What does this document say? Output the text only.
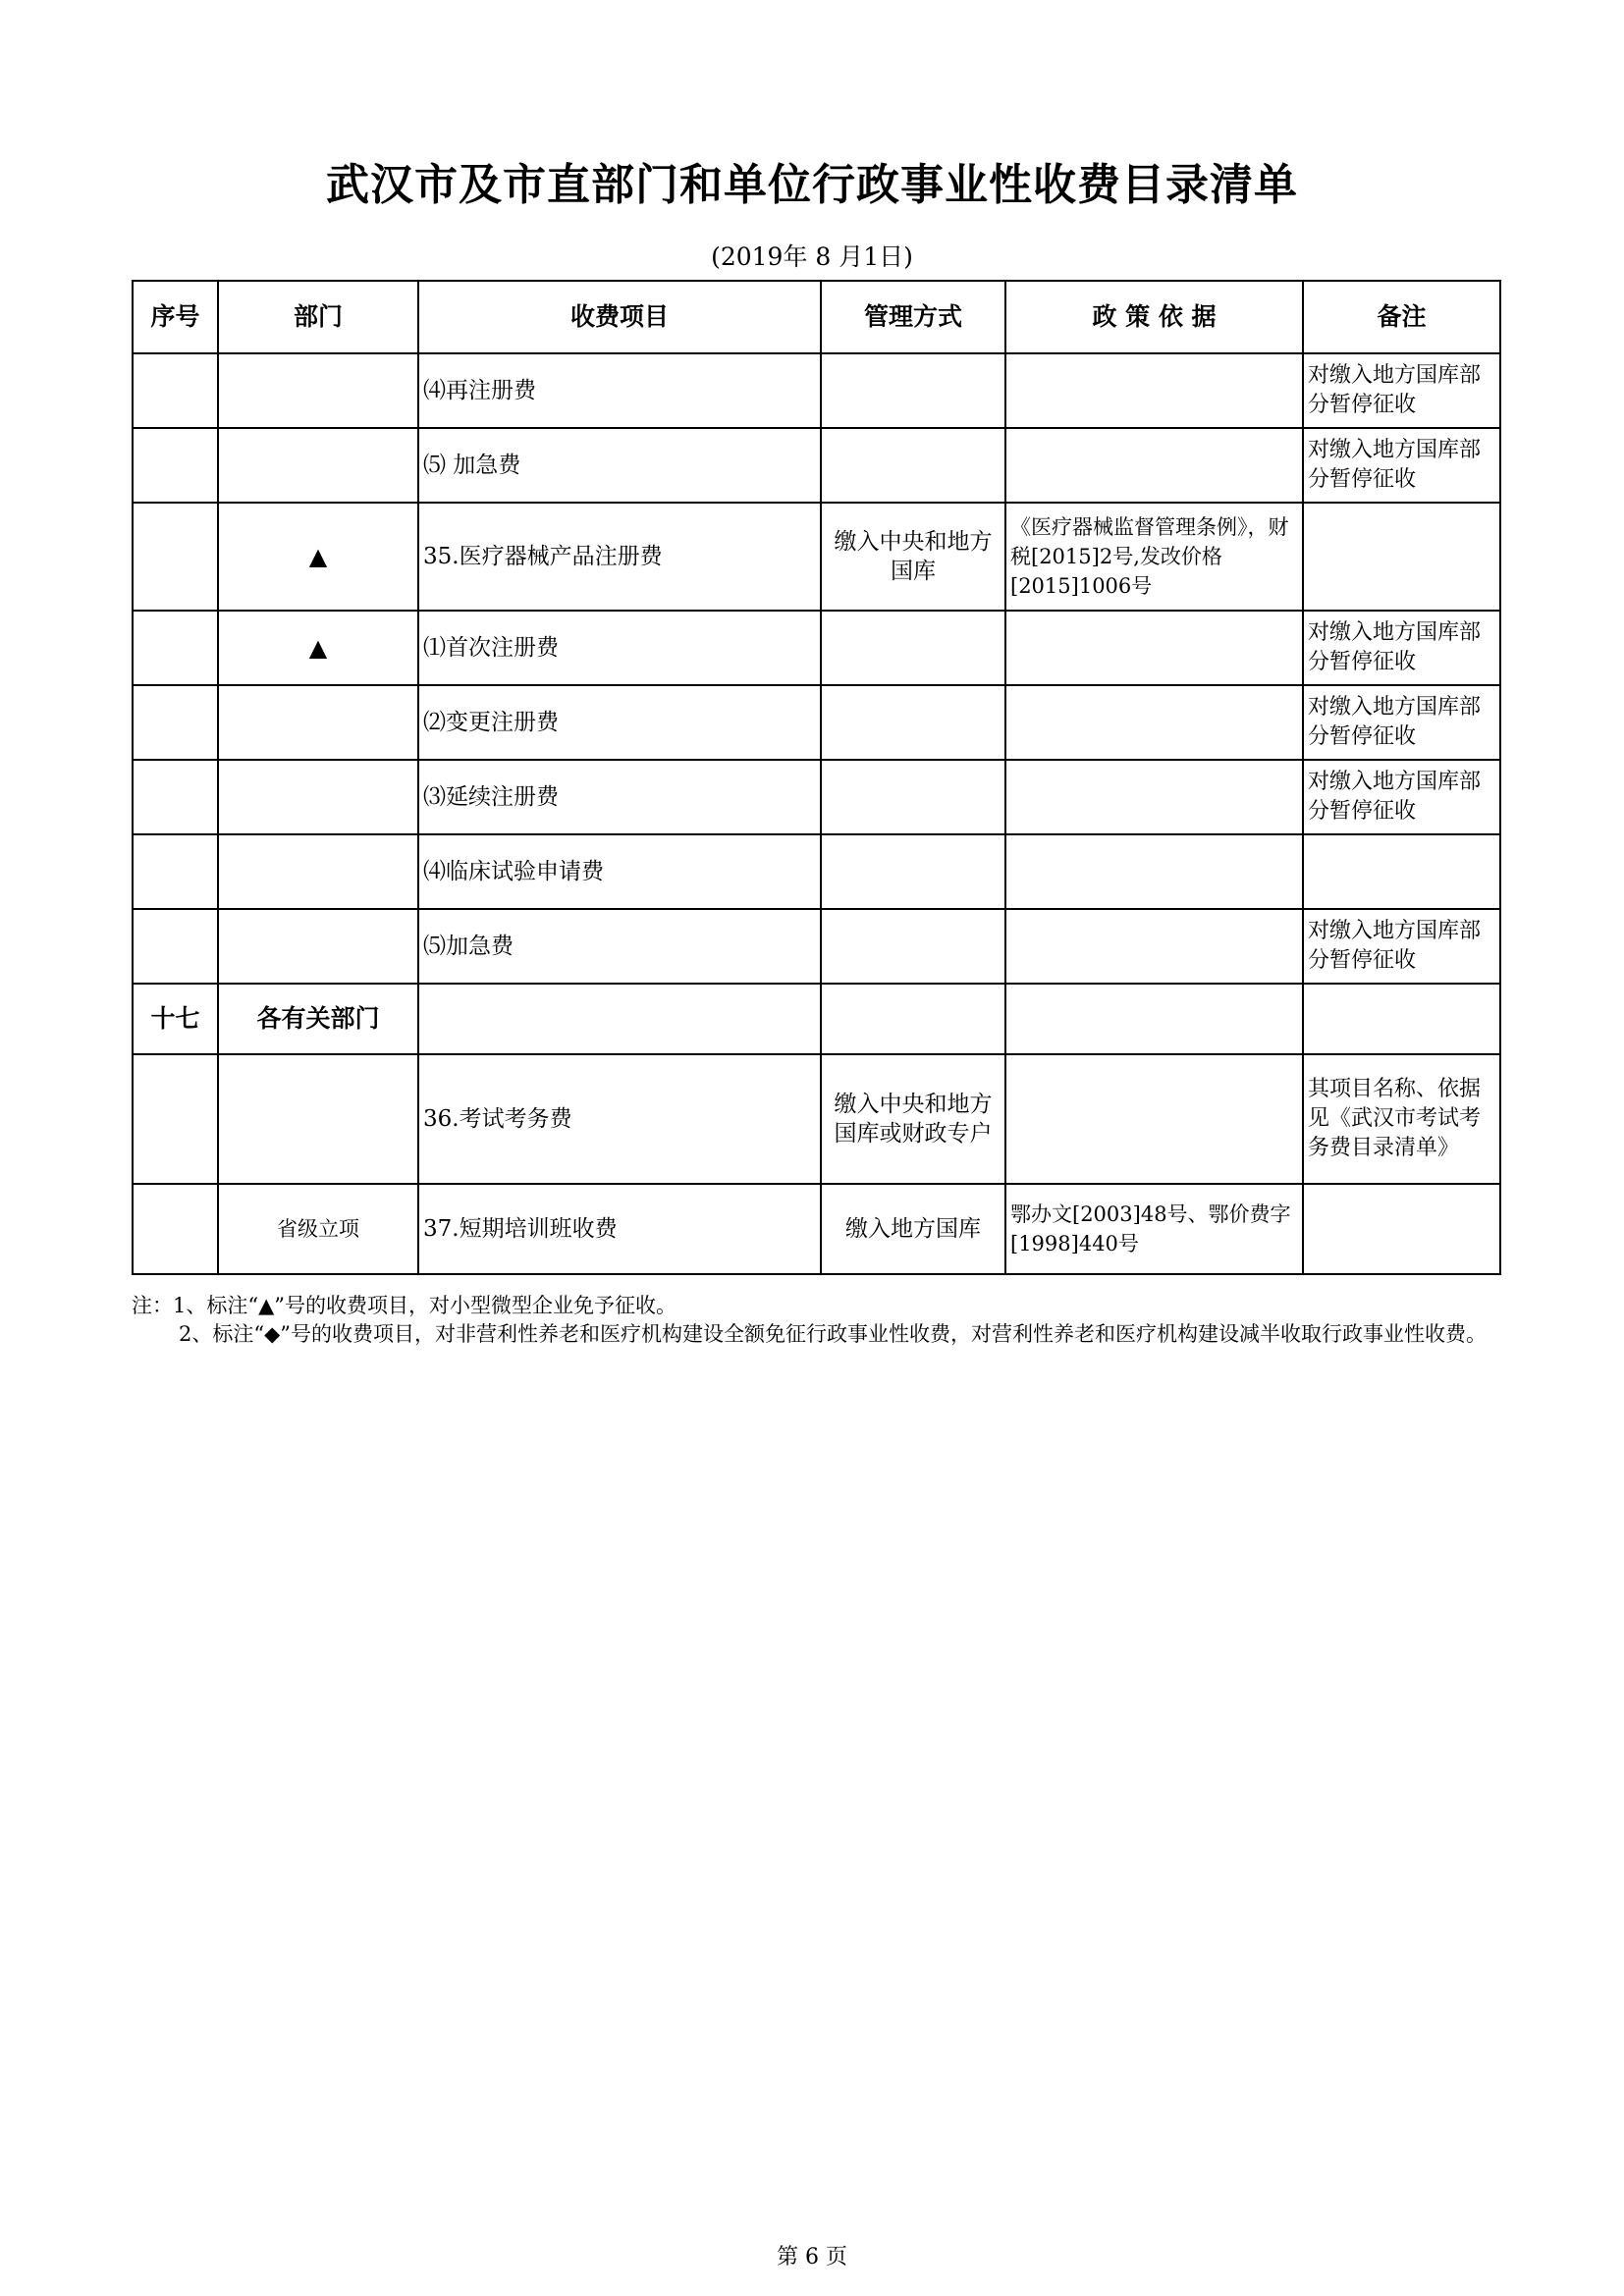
武汉市及市直部门和单位行政事业性收费目录清单
(2019年 8 月1日)
序号	部门	收费项目	管理方式	政 策 依 据	备注
		⑷再注册费			对缴入地方国库部分暂停征收
		⑸ 加急费			对缴入地方国库部分暂停征收
	▲	35.医疗器械产品注册费	缴入中央和地方国库	《医疗器械监督管理条例》，财税[2015]2号,发改价格[2015]1006号	
	▲	⑴首次注册费			对缴入地方国库部分暂停征收
		⑵变更注册费			对缴入地方国库部分暂停征收
		⑶延续注册费			对缴入地方国库部分暂停征收
		⑷临床试验申请费			
		⑸加急费			对缴入地方国库部分暂停征收
十七	各有关部门				
		36.考试考务费	缴入中央和地方国库或财政专户		其项目名称、依据见《武汉市考试考务费目录清单》
	省级立项	37.短期培训班收费	缴入地方国库	鄂办文[2003]48号、鄂价费字[1998]440号	

注：1、标注“▲”号的收费项目，对小型微型企业免予征收。

2、标注“◆”号的收费项目，对非营利性养老和医疗机构建设全额免征行政事业性收费，对营利性养老和医疗机构建设减半收取行政事业性收费。

第 6 页
